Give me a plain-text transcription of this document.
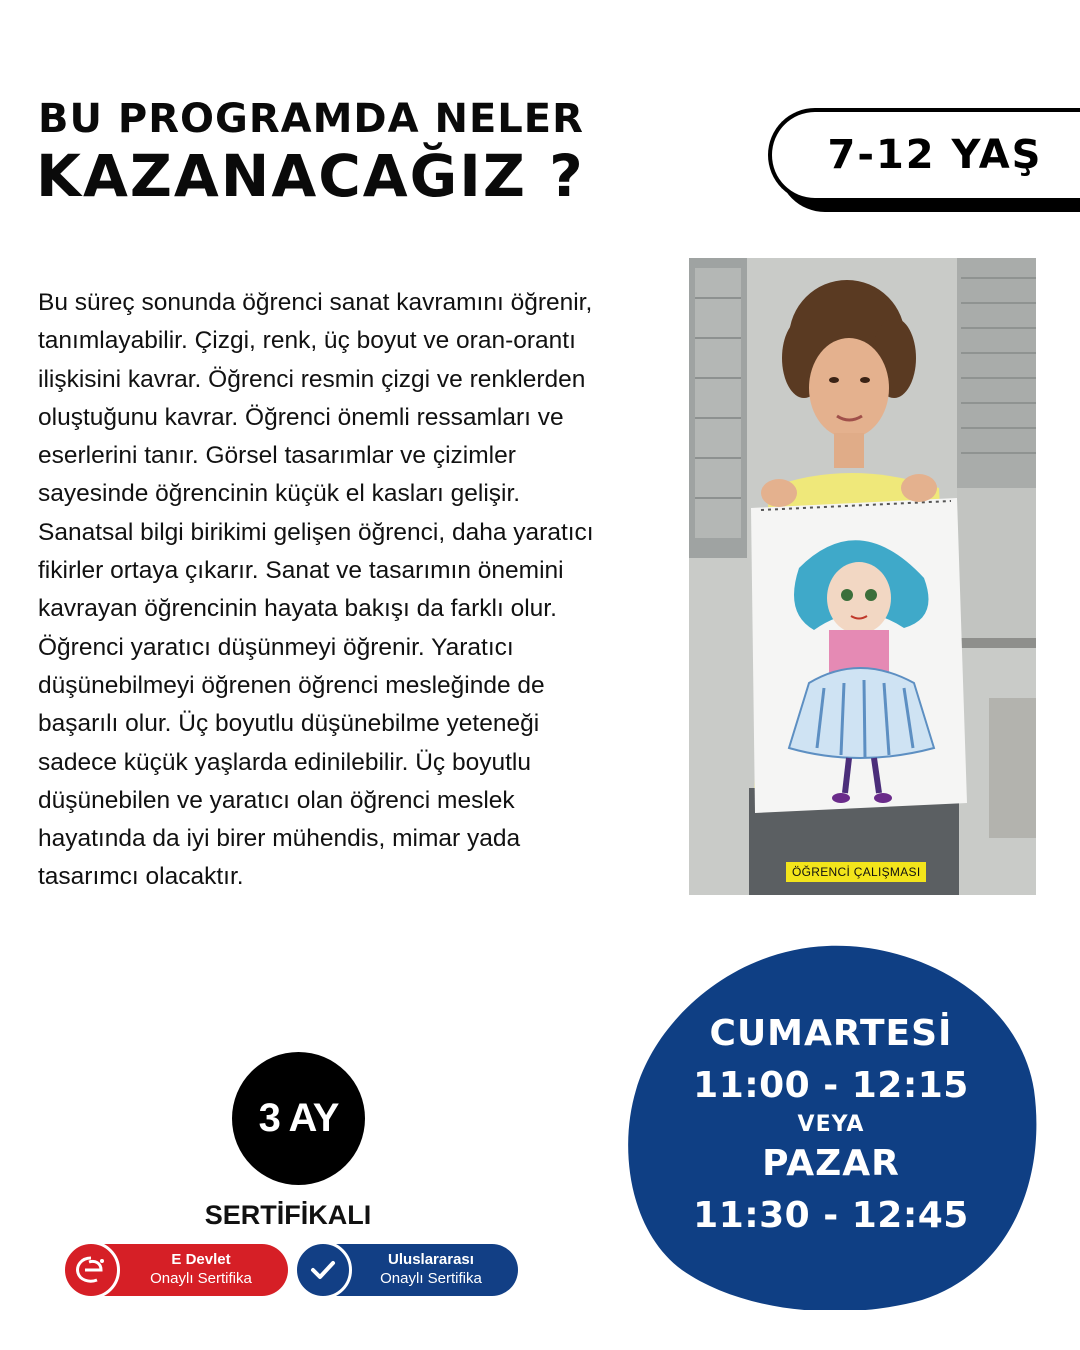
BU PROGRAMDA NELER
KAZANACAĞIZ ?	7-12 YAŞ

Bu süreç sonunda öğrenci sanat kavramını öğrenir, tanımlayabilir. Çizgi, renk, üç boyut ve oran-orantı ilişkisini kavrar. Öğrenci resmin çizgi ve renklerden oluştuğunu kavrar. Öğrenci önemli ressamları ve eserlerini tanır. Görsel tasarımlar ve çizimler sayesinde öğrencinin küçük el kasları gelişir. Sanatsal bilgi birikimi gelişen öğrenci, daha yaratıcı fikirler ortaya çıkarır. Sanat ve tasarımın önemini kavrayan öğrencinin hayata bakışı da farklı olur. Öğrenci yaratıcı düşünmeyi öğrenir. Yaratıcı düşünebilmeyi öğrenen öğrenci mesleğinde de başarılı olur. Üç boyutlu düşünebilme yeteneği sadece küçük yaşlarda edinilebilir. Üç boyutlu düşünebilen ve yaratıcı olan öğrenci meslek hayatında da iyi birer mühendis, mimar yada tasarımcı olacaktır.	ÖĞRENCİ ÇALIŞMASI
CUMARTESİ
11:00 - 12:15
VEYA
PAZAR
11:30 - 12:45
3 AY
SERTİFİKALI
E Devlet
Onaylı Sertifika
Uluslararası
Onaylı Sertifika
